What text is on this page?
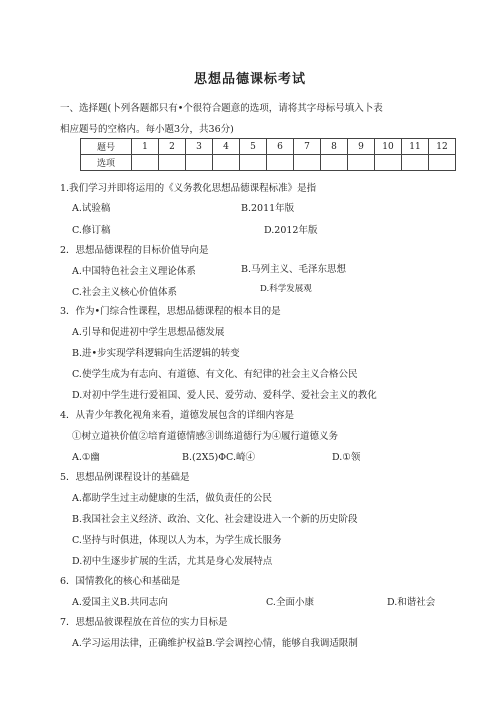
思想品德课标考试
一、选择题(卜列各题都只有•个很符合题意的选项，请将其字母标号填入卜表
相应题号的空格内。每小题3分，共36分)
题号	1	2	3	4	5	6	7	8	9	10	11	12
选项												
1.我们学习并即将运用的《义务教化思想品德课程标准》是指
A.试验稿	B.2011年版
C.修订稿	D.2012年版
2．思想品德课程的目标价值导向是
A.中国特色社会主义理论体系	B.马列主义、毛泽东思想
C.社会主义核心价值体系	D.科学发展观
3．作为•门综合性课程，思想品德课程的根本目的是
A.引导和促进初中学生思想品德发展
B.进•步实现学科逻辑向生活逻辑的转变
C.使学生成为有志向、有道德、有文化、有纪律的社会主义合格公民
D.对初中学生进行爱祖国、爱人民、爱劳动、爱科学、爱社会主义的教化
4．从青少年教化视角来看，道德发展包含的详细内容是
①树立道袂价值②培育道德情感③训练道德行为④履行道德义务
A.①幽	B.(2X5)ΦC.崎④	D.①领
5．思想品例课程设计的基础是
A.都助学生过主动健康的生活，做负责任的公民
B.我国社会主义经济、政治、文化、社会建设进入一个新的历史阶段
C.坚持与时俱进，体现以人为本，为学生成长服务
D.初中生逐步扩展的生活，尤其是身心发展特点
6．国情教化的核心和基础是
A.爱国主义B.共同志向	C.全面小康	D.和谐社会
7．思想品彼课程放在首位的实力目标是
A.学习运用法律，正确维护权益B.学会调控心情，能够自我调适限制
